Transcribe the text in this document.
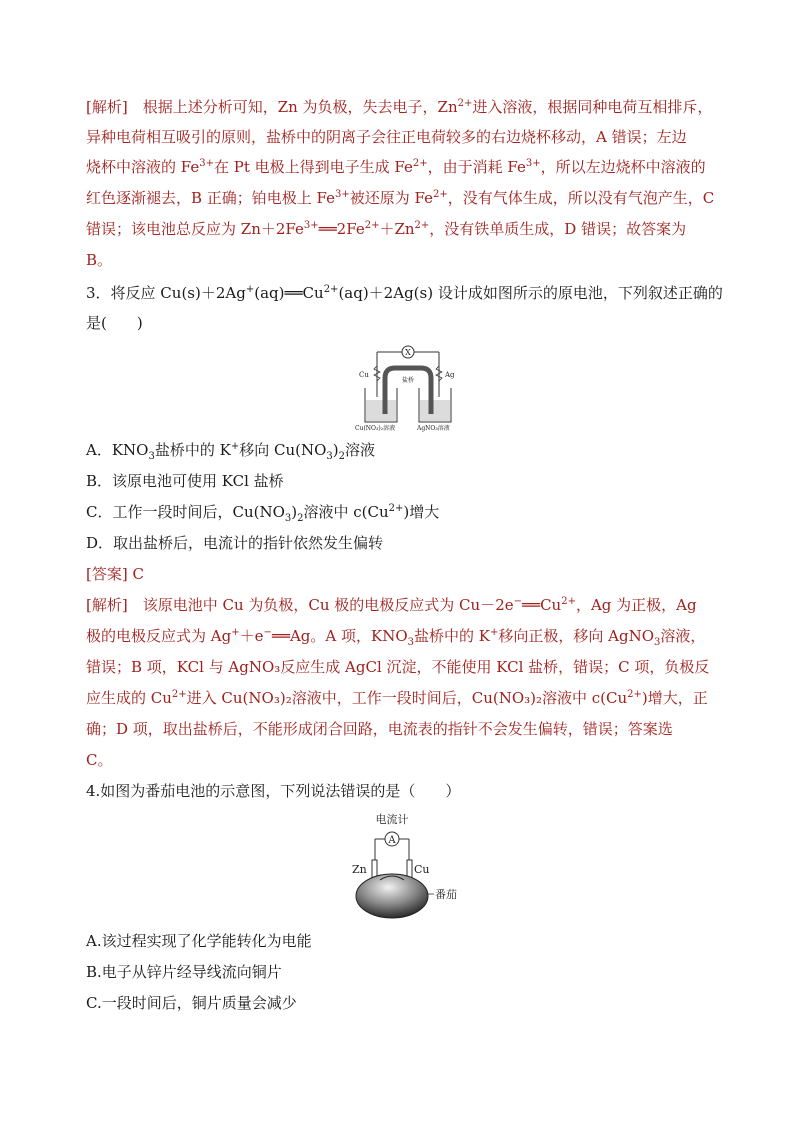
[解析]　根据上述分析可知，Zn 为负极，失去电子，$Zn^{2+}$进入溶液，根据同种电荷互相排斥，
异种电荷相互吸引的原则，盐桥中的阴离子会往正电荷较多的右边烧杯移动，A 错误；左边
烧杯中溶液的 $Fe^{3+}$在 Pt 电极上得到电子生成 $Fe^{2+}$，由于消耗 $Fe^{3+}$，所以左边烧杯中溶液的
红色逐渐褪去，B 正确；铂电极上 $Fe^{3+}$被还原为 $Fe^{2+}$，没有气体生成，所以没有气泡产生，C
错误；该电池总反应为 $Zn+2Fe^{3+}══2Fe^{2+}+Zn^{2+}$，没有铁单质生成，D 错误；故答案为
B。
3．将反应 $Cu(s)+2Ag^+(aq)══Cu^{2+}(aq)+2Ag(s)$ 设计成如图所示的原电池，下列叙述正确的
是(　　)
X
Cu	Ag
盐桥
Cu(NO₃)₂溶液	AgNO₃溶液
A．$KNO_3$盐桥中的 K+移向 $Cu(NO_3)_2$溶液
B．该原电池可使用 KCl 盐桥
C．工作一段时间后，$Cu(NO_3)_2$溶液中 $c(Cu^{2+})$增大
D．取出盐桥后，电流计的指针依然发生偏转
[答案] C
[解析]　该原电池中 Cu 为负极，Cu 极的电极反应式为 $Cu-2e^-══Cu^{2+}$，Ag 为正极，Ag
极的电极反应式为 Ag+＋e−══Ag。A 项，$KNO_3$盐桥中的 K+移向正极，移向 AgNO$_3$溶液，
错误；B 项，KCl 与 AgNO₃反应生成 AgCl 沉淀，不能使用 KCl 盐桥，错误；C 项，负极反
应生成的 $Cu^{2+}$进入 Cu(NO₃)₂溶液中，工作一段时间后，Cu(NO₃)₂溶液中 $c(Cu^{2+})$增大，正
确；D 项，取出盐桥后，不能形成闭合回路，电流表的指针不会发生偏转，错误；答案选
C。
4.如图为番茄电池的示意图，下列说法错误的是（　　）
电流计
A
Zn	Cu
番茄
A.该过程实现了化学能转化为电能
B.电子从锌片经导线流向铜片
C.一段时间后，铜片质量会减少
